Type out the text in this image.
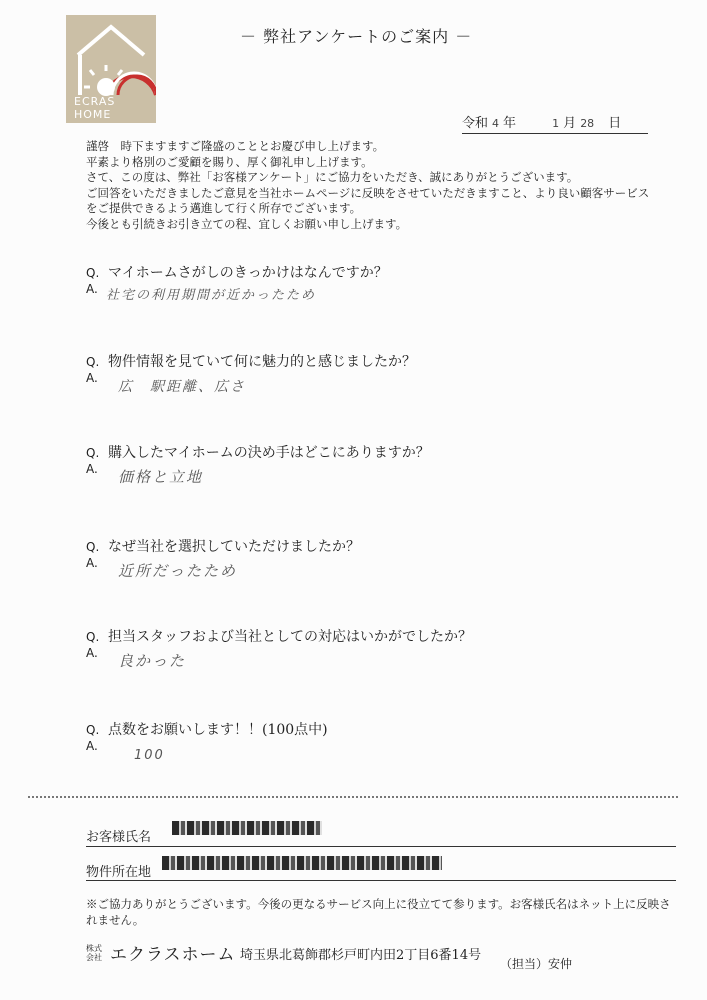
ECRAS
HOME
－ 弊社アンケートのご案内 －
令和 4 年	1 月 28 日
謹啓　時下ますますご隆盛のこととお慶び申し上げます。
平素より格別のご愛顧を賜り、厚く御礼申し上げます。
さて、この度は、弊社「お客様アンケート」にご協力をいただき、誠にありがとうございます。
ご回答をいただきましたご意見を当社ホームページに反映をさせていただきますこと、より良い顧客サービス
をご提供できるよう邁進して行く所存でございます。
今後とも引続きお引き立ての程、宜しくお願い申し上げます。
Q. マイホームさがしのきっかけはなんですか？
A. 社宅の利用期間が近かったため
Q. 物件情報を見ていて何に魅力的と感じましたか？
A.
広　駅距離、広さ
Q. 購入したマイホームの決め手はどこにありますか？
A.	価格と立地
Q. なぜ当社を選択していただけましたか？
A.	近所だったため
Q. 担当スタッフおよび当社としての対応はいかがでしたか？
A.	良かった
Q. 点数をお願いします！！(100点中)
A.
100
お客様氏名
物件所在地
※ご協力ありがとうございます。今後の更なるサービス向上に役立てて参ります。お客様氏名はネット上に反映されません。
株式
会社 エクラスホーム 埼玉県北葛飾郡杉戸町内田2丁目6番14号
（担当）安仲
